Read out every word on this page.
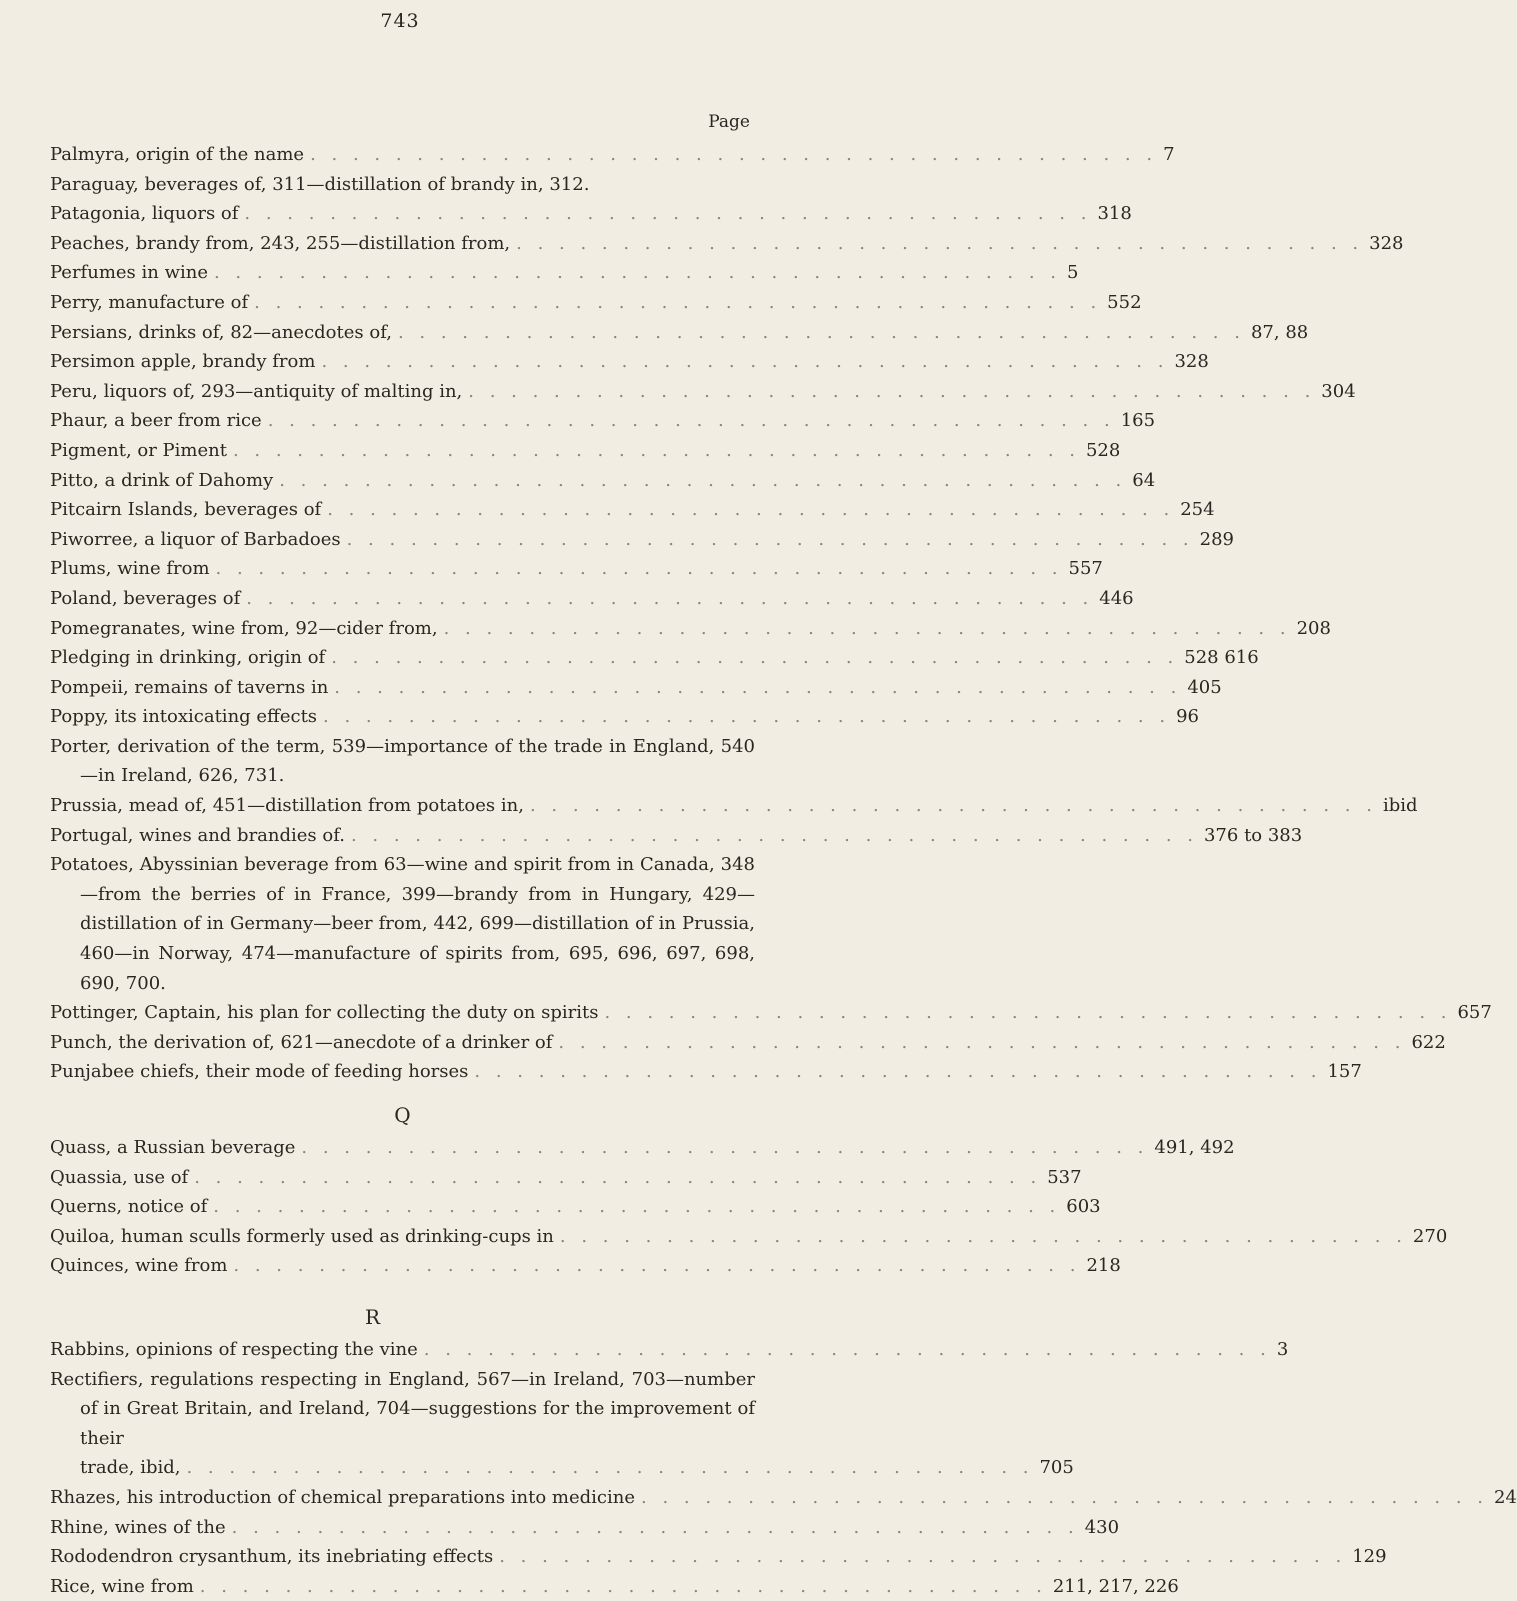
743
Page
Palmyra, origin of the name . . . . . . . . . . . . . . . . . . . . . . . . . . . . . . . . . . . . . . . . 7
Paraguay, beverages of, 311—distillation of brandy in, 312.
Patagonia, liquors of . . . . . . . . . . . . . . . . . . . . . . . . . . . . . . . . . . . . . . . . 318
Peaches, brandy from, 243, 255—distillation from, . . . . . . . . . . . . . . . . . . . . . . . . . . . . . . . . . . . . . . . . 328
Perfumes in wine . . . . . . . . . . . . . . . . . . . . . . . . . . . . . . . . . . . . . . . . 5
Perry, manufacture of . . . . . . . . . . . . . . . . . . . . . . . . . . . . . . . . . . . . . . . . 552
Persians, drinks of, 82—anecdotes of, . . . . . . . . . . . . . . . . . . . . . . . . . . . . . . . . . . . . . . . . 87, 88
Persimon apple, brandy from . . . . . . . . . . . . . . . . . . . . . . . . . . . . . . . . . . . . . . . . 328
Peru, liquors of, 293—antiquity of malting in, . . . . . . . . . . . . . . . . . . . . . . . . . . . . . . . . . . . . . . . . 304
Phaur, a beer from rice . . . . . . . . . . . . . . . . . . . . . . . . . . . . . . . . . . . . . . . . 165
Pigment, or Piment . . . . . . . . . . . . . . . . . . . . . . . . . . . . . . . . . . . . . . . . 528
Pitto, a drink of Dahomy . . . . . . . . . . . . . . . . . . . . . . . . . . . . . . . . . . . . . . . . 64
Pitcairn Islands, beverages of . . . . . . . . . . . . . . . . . . . . . . . . . . . . . . . . . . . . . . . . 254
Piworree, a liquor of Barbadoes . . . . . . . . . . . . . . . . . . . . . . . . . . . . . . . . . . . . . . . . 289
Plums, wine from . . . . . . . . . . . . . . . . . . . . . . . . . . . . . . . . . . . . . . . . 557
Poland, beverages of . . . . . . . . . . . . . . . . . . . . . . . . . . . . . . . . . . . . . . . . 446
Pomegranates, wine from, 92—cider from, . . . . . . . . . . . . . . . . . . . . . . . . . . . . . . . . . . . . . . . . 208
Pledging in drinking, origin of . . . . . . . . . . . . . . . . . . . . . . . . . . . . . . . . . . . . . . . . 528 616
Pompeii, remains of taverns in . . . . . . . . . . . . . . . . . . . . . . . . . . . . . . . . . . . . . . . . 405
Poppy, its intoxicating effects . . . . . . . . . . . . . . . . . . . . . . . . . . . . . . . . . . . . . . . . 96
Porter, derivation of the term, 539—importance of the trade in England, 540—in Ireland, 626, 731.
Prussia, mead of, 451—distillation from potatoes in, . . . . . . . . . . . . . . . . . . . . . . . . . . . . . . . . . . . . . . . . ibid
Portugal, wines and brandies of. . . . . . . . . . . . . . . . . . . . . . . . . . . . . . . . . . . . . . . . . 376 to 383
Potatoes, Abyssinian beverage from 63—wine and spirit from in Canada, 348—from the berries of in France, 399—brandy from in Hungary, 429—distillation of in Germany—beer from, 442, 699—distillation of in Prussia, 460—in Norway, 474—manufacture of spirits from, 695, 696, 697, 698, 690, 700.
Pottinger, Captain, his plan for collecting the duty on spirits . . . . . . . . . . . . . . . . . . . . . . . . . . . . . . . . . . . . . . . . 657
Punch, the derivation of, 621—anecdote of a drinker of . . . . . . . . . . . . . . . . . . . . . . . . . . . . . . . . . . . . . . . . 622
Punjabee chiefs, their mode of feeding horses . . . . . . . . . . . . . . . . . . . . . . . . . . . . . . . . . . . . . . . . 157
Q
Quass, a Russian beverage . . . . . . . . . . . . . . . . . . . . . . . . . . . . . . . . . . . . . . . . 491, 492
Quassia, use of . . . . . . . . . . . . . . . . . . . . . . . . . . . . . . . . . . . . . . . . 537
Querns, notice of . . . . . . . . . . . . . . . . . . . . . . . . . . . . . . . . . . . . . . . . 603
Quiloa, human sculls formerly used as drinking-cups in . . . . . . . . . . . . . . . . . . . . . . . . . . . . . . . . . . . . . . . . 270
Quinces, wine from . . . . . . . . . . . . . . . . . . . . . . . . . . . . . . . . . . . . . . . . 218
R
Rabbins, opinions of respecting the vine . . . . . . . . . . . . . . . . . . . . . . . . . . . . . . . . . . . . . . . . 3
Rectifiers, regulations respecting in England, 567—in Ireland, 703—number of in Great Britain, and Ireland, 704—suggestions for the improvement of their
trade, ibid, . . . . . . . . . . . . . . . . . . . . . . . . . . . . . . . . . . . . . . . . 705
Rhazes, his introduction of chemical preparations into medicine . . . . . . . . . . . . . . . . . . . . . . . . . . . . . . . . . . . . . . . . 24
Rhine, wines of the . . . . . . . . . . . . . . . . . . . . . . . . . . . . . . . . . . . . . . . . 430
Rododendron crysanthum, its inebriating effects . . . . . . . . . . . . . . . . . . . . . . . . . . . . . . . . . . . . . . . . 129
Rice, wine from . . . . . . . . . . . . . . . . . . . . . . . . . . . . . . . . . . . . . . . . 211, 217, 226
